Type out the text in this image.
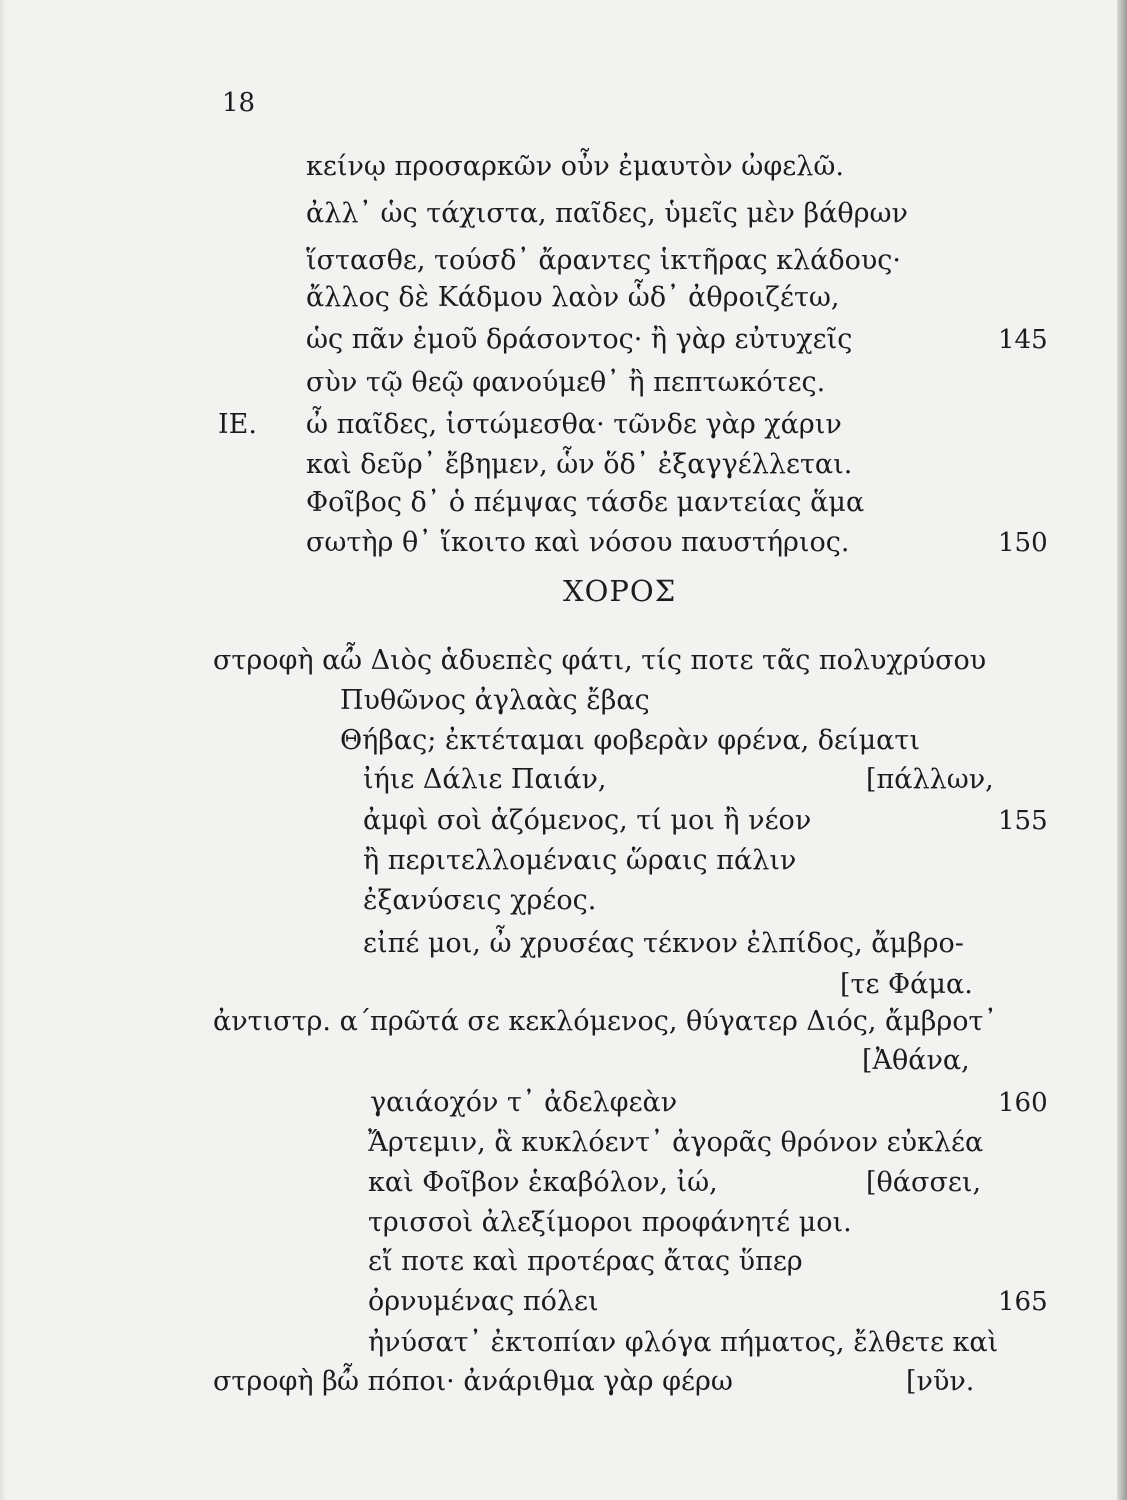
18
κείνῳ προσαρκῶν οὖν ἐμαυτὸν ὠφελῶ.
ἀλλ᾽ ὡς τάχιστα, παῖδες, ὑμεῖς μὲν βάθρων
ἵστασθε, τούσδ᾽ ἄραντες ἱκτῆρας κλάδους·
ἄλλος δὲ Κάδμου λαὸν ὧδ᾽ ἀθροιζέτω,
ὡς πᾶν ἐμοῦ δράσοντος· ἢ γὰρ εὐτυχεῖς	145
σὺν τῷ θεῷ φανούμεθ᾽ ἢ πεπτωκότες.
ΙΕ. ὦ παῖδες, ἱστώμεσθα· τῶνδε γὰρ χάριν
καὶ δεῦρ᾽ ἔβημεν, ὧν ὅδ᾽ ἐξαγγέλλεται.
Φοῖβος δ᾽ ὁ πέμψας τάσδε μαντείας ἅμα
σωτὴρ θ᾽ ἵκοιτο καὶ νόσου παυστήριος.	150
ΧΟΡΟΣ
στροφὴ α΄
ὦ Διὸς ἁδυεπὲς φάτι, τίς ποτε τᾶς πολυχρύσου
Πυθῶνος ἀγλαὰς ἔβας
Θήβας; ἐκτέταμαι φοβερὰν φρένα, δείματι
ἰήιε Δάλιε Παιάν,	[πάλλων,
ἀμφὶ σοὶ ἁζόμενος, τί μοι ἢ νέον	155
ἢ περιτελλομέναις ὥραις πάλιν
ἐξανύσεις χρέος.
εἰπέ μοι, ὦ χρυσέας τέκνον ἐλπίδος, ἄμβρο-
[τε Φάμα.
ἀντιστρ. α΄
πρῶτά σε κεκλόμενος, θύγατερ Διός, ἄμβροτ᾽
[Ἀθάνα,
γαιάοχόν τ᾽ ἀδελφεὰν	160
Ἄρτεμιν, ἃ κυκλόεντ᾽ ἀγορᾶς θρόνον εὐκλέα
καὶ Φοῖβον ἑκαβόλον, ἰώ,	[θάσσει,
τρισσοὶ ἀλεξίμοροι προφάνητέ μοι.
εἴ ποτε καὶ προτέρας ἄτας ὕπερ
ὀρνυμένας πόλει	165
ἠνύσατ᾽ ἐκτοπίαν φλόγα πήματος, ἔλθετε καὶ
στροφὴ β΄
ὦ πόποι· ἀνάριθμα γὰρ φέρω	[νῦν.
